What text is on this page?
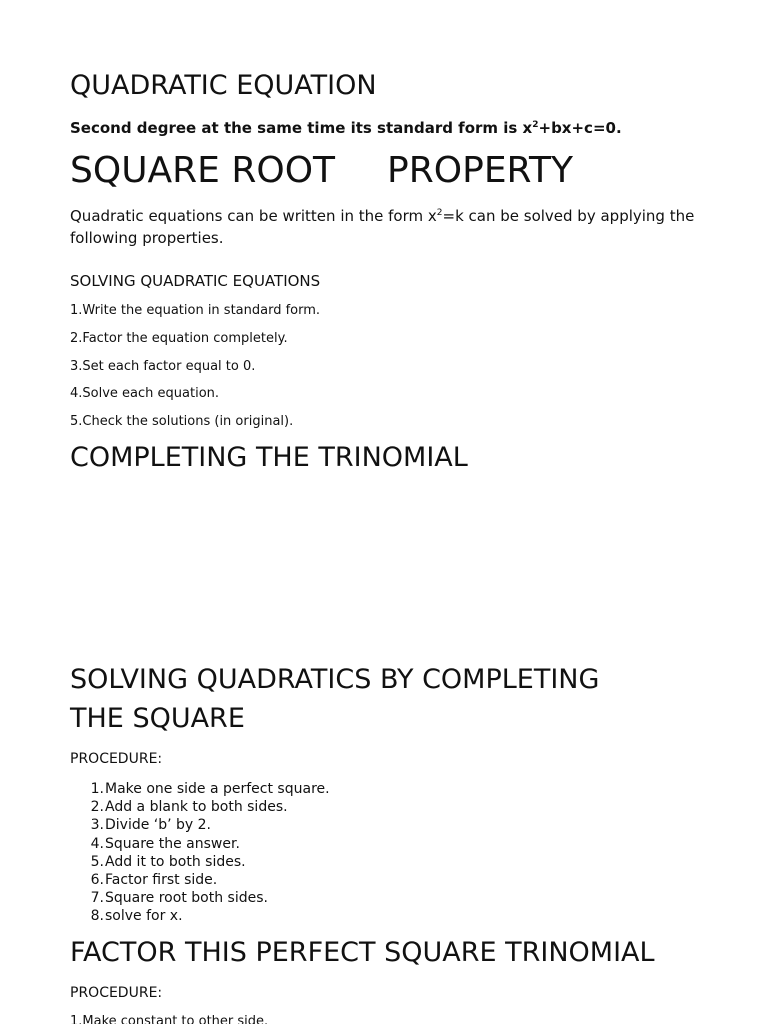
QUADRATIC EQUATION
Second degree at the same time its standard form is $x^2+bx+c=0$.
SQUARE ROOT PROPERTY
Quadratic equations can be written in the form $x^2=k$ can be solved by applying the following properties.
SOLVING QUADRATIC EQUATIONS
1.Write the equation in standard form.
2.Factor the equation completely.
3.Set each factor equal to 0.
4.Solve each equation.
5.Check the solutions (in original).
COMPLETING THE TRINOMIAL
SOLVING QUADRATICS BY COMPLETING
THE SQUARE
PROCEDURE:
1. Make one side a perfect square.
2. Add a blank to both sides.
3. Divide ‘b’ by 2.
4. Square the answer.
5. Add it to both sides.
6. Factor first side.
7. Square root both sides.
8. solve for x.
FACTOR THIS PERFECT SQUARE TRINOMIAL
PROCEDURE:
1.Make constant to other side.
